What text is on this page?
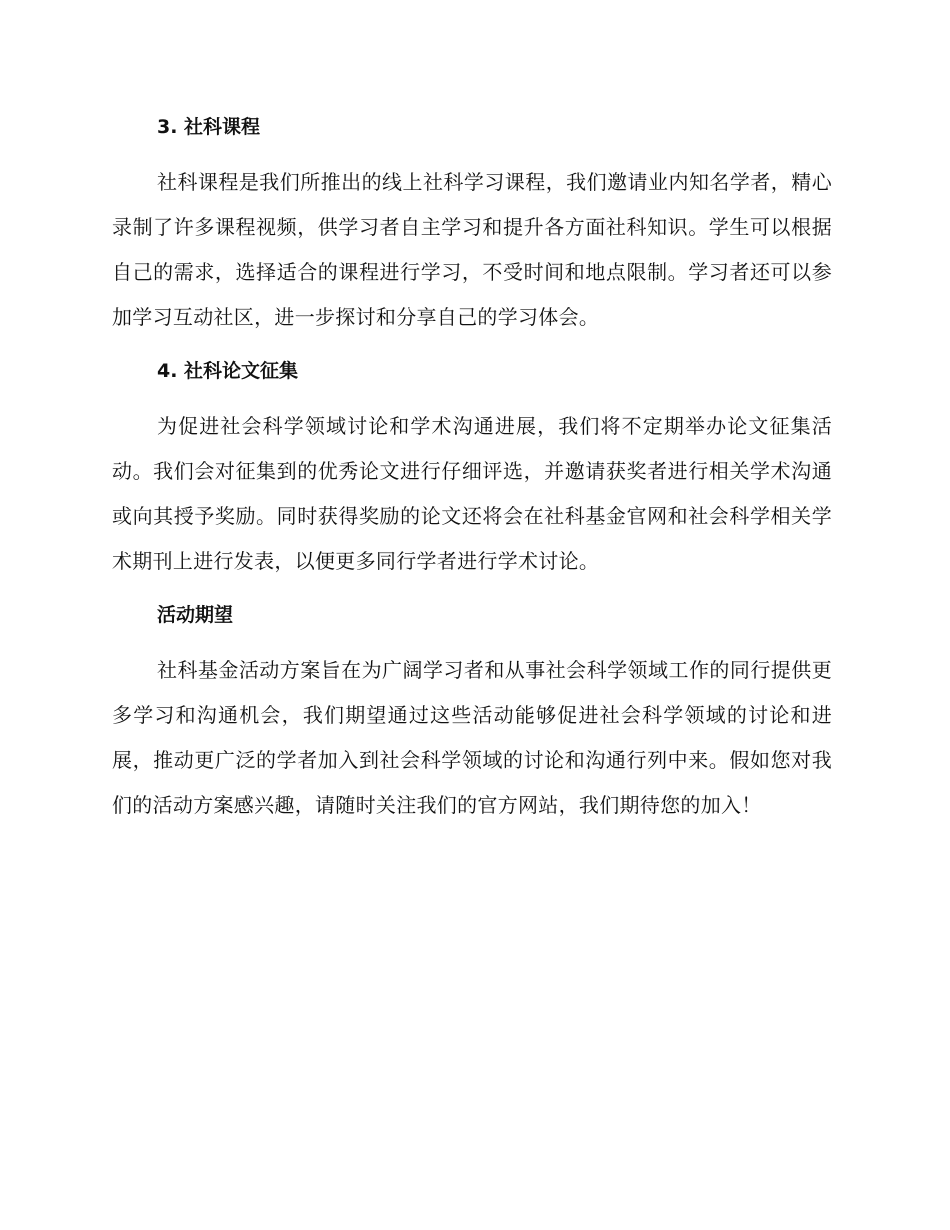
3. 社科课程

社科课程是我们所推出的线上社科学习课程，我们邀请业内知名学者，精心录制了许多课程视频，供学习者自主学习和提升各方面社科知识。学生可以根据自己的需求，选择适合的课程进行学习，不受时间和地点限制。学习者还可以参加学习互动社区，进一步探讨和分享自己的学习体会。

4. 社科论文征集

为促进社会科学领域讨论和学术沟通进展，我们将不定期举办论文征集活动。我们会对征集到的优秀论文进行仔细评选，并邀请获奖者进行相关学术沟通或向其授予奖励。同时获得奖励的论文还将会在社科基金官网和社会科学相关学术期刊上进行发表，以便更多同行学者进行学术讨论。

活动期望

社科基金活动方案旨在为广阔学习者和从事社会科学领域工作的同行提供更多学习和沟通机会，我们期望通过这些活动能够促进社会科学领域的讨论和进展，推动更广泛的学者加入到社会科学领域的讨论和沟通行列中来。假如您对我们的活动方案感兴趣，请随时关注我们的官方网站，我们期待您的加入！
